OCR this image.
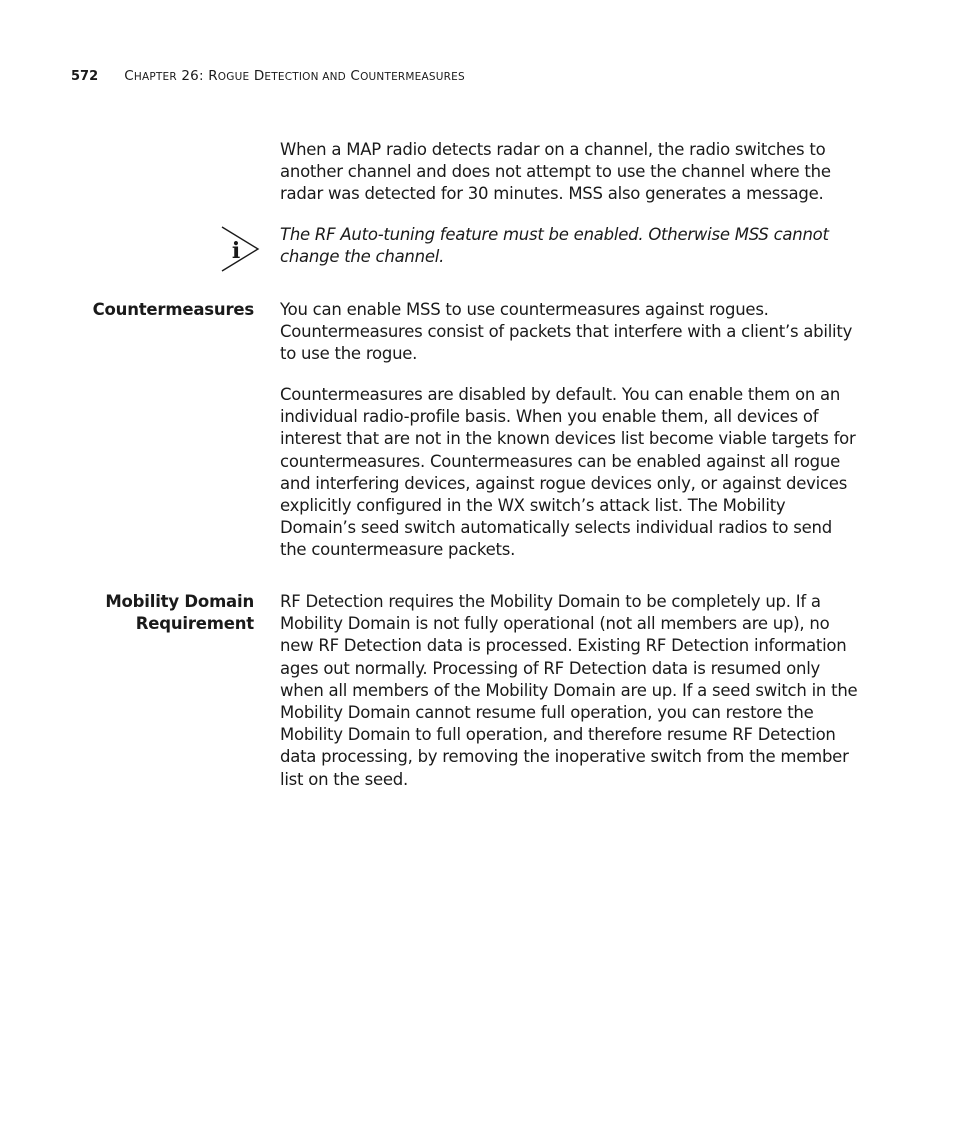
572 CHAPTER 26: ROGUE DETECTION AND COUNTERMEASURES

When a MAP radio detects radar on a channel, the radio switches to another channel and does not attempt to use the channel where the radar was detected for 30 minutes. MSS also generates a message.

i

The RF Auto-tuning feature must be enabled. Otherwise MSS cannot change the channel.

Countermeasures You can enable MSS to use countermeasures against rogues. Countermeasures consist of packets that interfere with a client’s ability to use the rogue.

Countermeasures are disabled by default. You can enable them on an individual radio-profile basis. When you enable them, all devices of interest that are not in the known devices list become viable targets for countermeasures. Countermeasures can be enabled against all rogue and interfering devices, against rogue devices only, or against devices explicitly configured in the WX switch’s attack list. The Mobility Domain’s seed switch automatically selects individual radios to send the countermeasure packets.

Mobility Domain
Requirement

RF Detection requires the Mobility Domain to be completely up. If a Mobility Domain is not fully operational (not all members are up), no new RF Detection data is processed. Existing RF Detection information ages out normally. Processing of RF Detection data is resumed only when all members of the Mobility Domain are up. If a seed switch in the Mobility Domain cannot resume full operation, you can restore the Mobility Domain to full operation, and therefore resume RF Detection data processing, by removing the inoperative switch from the member list on the seed.
